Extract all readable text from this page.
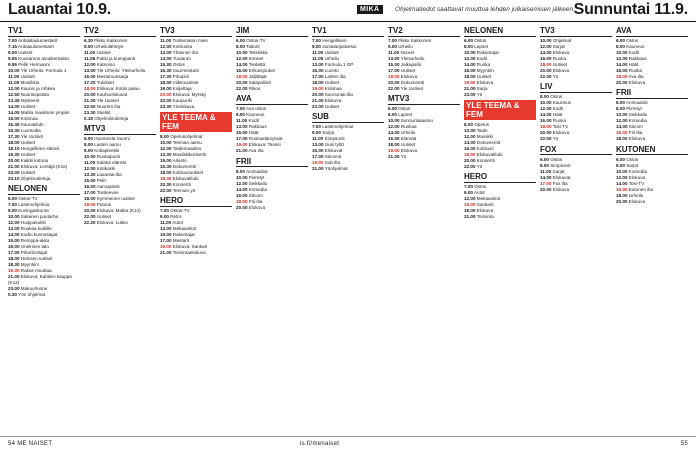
Lauantai 10.9.	MIKÄ	Ohjelmatiedot saattavat muuttua lehden julkaisemisen jälkeen.
Sunnuntai 11.9.
TV1
7.00 Ardalalaulumestarit
7.15 Ardalaulumestarit
9.00 Uutiset
9.05 Kuusamon ainutkertaista
9.55 Pelle Hermanni
10.00 Yle Urheilu: Formula 1
11.00 Uutiset
11.05 Musiikkia
12.00 Kaunis ja rohkea
12.50 Nuorisopalsta
13.45 Mysteerit
14.00 Uutiset
14.05 Matka maailman ympäri
15.00 Kotimaa
15.45 Saunaklubi
16.30 Luontoilta
17.30 Yle Uutiset
18.00 Uutiset
18.10 Hengellinen elämä
19.30 Uutiset
20.00 Kaikki kotona
21.00 Elokuva: Lentäjä (K16)
23.00 Uutiset
23.10 Ohjelmatietoja
NELONEN
6.00 Ostos-TV
7.00 Lastenohjelmia
9.00 Kuningaskunta
10.00 Salainen puutarha
12.00 Huippukokki
13.00 Ruokaa kaikille
14.00 Kodin kunnostajat
15.00 Remppa-akka
16.00 Unelmien talo
17.00 Pihanhoitajat
18.00 Nelosen uutiset
18.30 Myyntiin!
19.30 Rakas muuttaa
21.00 Elokuva: Kahden kauppa (K12)
23.00 Makuuhuone
0.30 Yön ohjelmat
TV2
6.30 Pikku Kakkonen
9.00 Urheilulähetys
11.00 Uutiset
11.05 Pukki ja kumppanit
12.00 Katsomo
13.00 Yle Urheilu: Yleisurheilu
16.00 Mestaruussarja
17.20 Tulokset
18.00 Elokuva: Kotiin paluu
20.00 Kauhuelokuvat
21.00 Yle Uutiset
22.00 Nuorten ilta
23.30 Sketsit
0.15 Ohjelmistotietoja
MTV3
6.00 Huomenta Suomi
8.00 Lasten aamu
9.00 Kotiapteekki
10.00 Ruokapuoti
11.00 Salatut elämät
12.00 Kotikokki
13.30 Lauantai-ilta
15.00 Pelit
16.00 Aamupäivä
17.00 Tositeevee
18.00 Kymmenen uutiset
19.00 Putous
20.00 Elokuva: Matka (K12)
22.00 Uutiset
22.20 Elokuva: Lukko
TV3
11.00 Tuntematon mies
12.00 Kotiruoka
13.00 Yhteinen ilta
14.00 Tuotanto
15.30 Ostos
16.30 Suurmestarit
17.30 Pihapiiri
18.00 Viikkouutiset
19.00 Kuljettaja
20.00 Elokuva: Myrsky
22.00 Kaupunki
23.30 Yöelokuva
YLE TEEMA & FEM
8.00 Opetusohjelmat
10.00 Teeman aamu
12.00 Taidemaailma
13.30 Musiikkikonsertti
15.00 Arkisto
16.30 Dokumentti
18.00 Kulttuuriuutiset
18.30 Elokuvaklubi
20.30 Konsertti
22.00 Teeman yö
HERO
7.00 Ostos-TV
9.00 Retro
11.00 Autot
13.00 Mekaanikot
15.00 Rakentajat
17.00 Mestarit
19.00 Elokuva: Sankari
21.00 Toimintaelokuva
JIM
6.00 Ostos-TV
8.00 Taiturit
10.00 Tekniikka
12.00 Koneet
14.00 Tiedettä
16.00 Erikoisjoukot
18.00 Jäljittäjät
20.00 Salapoliisit
22.00 Rikos
AVA
7.00 Ava ostos
9.00 Kauneus
11.00 Kodit
13.00 Rakkaus
15.00 Häät
17.00 Ruokaelämyksiä
19.00 Elokuva: Tanssi
21.00 Ava ilta
FRII
8.00 Animaatiot
10.00 Piirretyt
12.00 Seikkailu
14.00 Komedia
16.00 Sitcom
18.00 Frii ilta
20.00 Elokuva
TV1
7.00 Hengellinen
9.00 Jumalanpalvelus
11.00 Uutiset
11.05 Urheilu
13.00 Formula 1 GP
16.00 Luonto
17.00 Lasten ilta
18.00 Uutiset
19.00 Kotimaa
20.00 Sunnuntai-ilta
21.00 Elokuva
23.00 Uutiset
SUB
7.00 Lastenohjelmat
9.00 Sarjat
11.00 Simpsonit
13.00 Uusi tyttö
15.00 Elokuvat
17.00 Sitcomit
19.00 Sub ilta
21.00 Yöohjelmat
TV2
7.00 Pikku Kakkonen
9.00 Urheilu
11.00 Nuoret
13.00 Yleisurheilu
15.00 Jalkapallo
17.00 Uutiset
18.00 Elokuva
20.00 Dokumentti
22.00 Yle Uutiset
MTV3
6.00 Ostos
8.00 Lapset
10.00 Sunnuntaiaamu
12.00 Ruokaa
14.00 Urheilu
16.00 Elämää
18.00 Uutiset
19.00 Elokuva
21.00 Yö
NELONEN
6.00 Ostos
8.00 Lapset
10.00 Rakentajat
12.00 Kodit
14.00 Ruoka
16.00 Myyntiin
18.00 Uutiset
19.00 Elokuva
21.00 Sarja
23.00 Yö
YLE TEEMA & FEM
8.00 Opetus
10.00 Taide
12.00 Musiikki
14.00 Dokumentit
16.00 Kulttuuri
18.00 Elokuvaklubi
20.00 Konsertti
22.00 Yö
HERO
7.00 Ostos
9.00 Autot
12.00 Mekaanikot
15.00 Sankarit
18.00 Elokuva
21.00 Toiminta
TV3
10.00 Ohjelmat
12.00 Sarjat
14.00 Elokuva
16.00 Ruoka
18.00 Uutiset
20.00 Elokuva
22.00 Yö
LIV
8.00 Ostos
10.00 Kauneus
12.00 Kodit
14.00 Häät
16.00 Ruoka
18.00 Tosi-TV
20.00 Elokuva
22.00 Yö
FOX
6.00 Ostos
8.00 Simpsonit
11.00 Sarjat
14.00 Elokuvat
17.00 Fox ilta
20.00 Elokuva
AVA
6.00 Ostos
8.00 Kauneus
10.00 Kodit
12.00 Rakkaus
14.00 Häät
16.00 Ruoka
18.00 Ava ilta
20.00 Elokuva
FRII
6.00 Animaatiot
8.00 Piirretyt
10.00 Seikkailu
12.00 Komedia
14.00 Sitcom
16.00 Frii ilta
18.00 Elokuva
KUTONEN
6.00 Ostos
8.00 Sarjat
10.00 Komedia
12.00 Elokuva
14.00 Tosi-TV
16.00 Kutonen ilta
18.00 Urheilu
20.00 Elokuva
54 ME NAISET	is.fi/menaiset	55
